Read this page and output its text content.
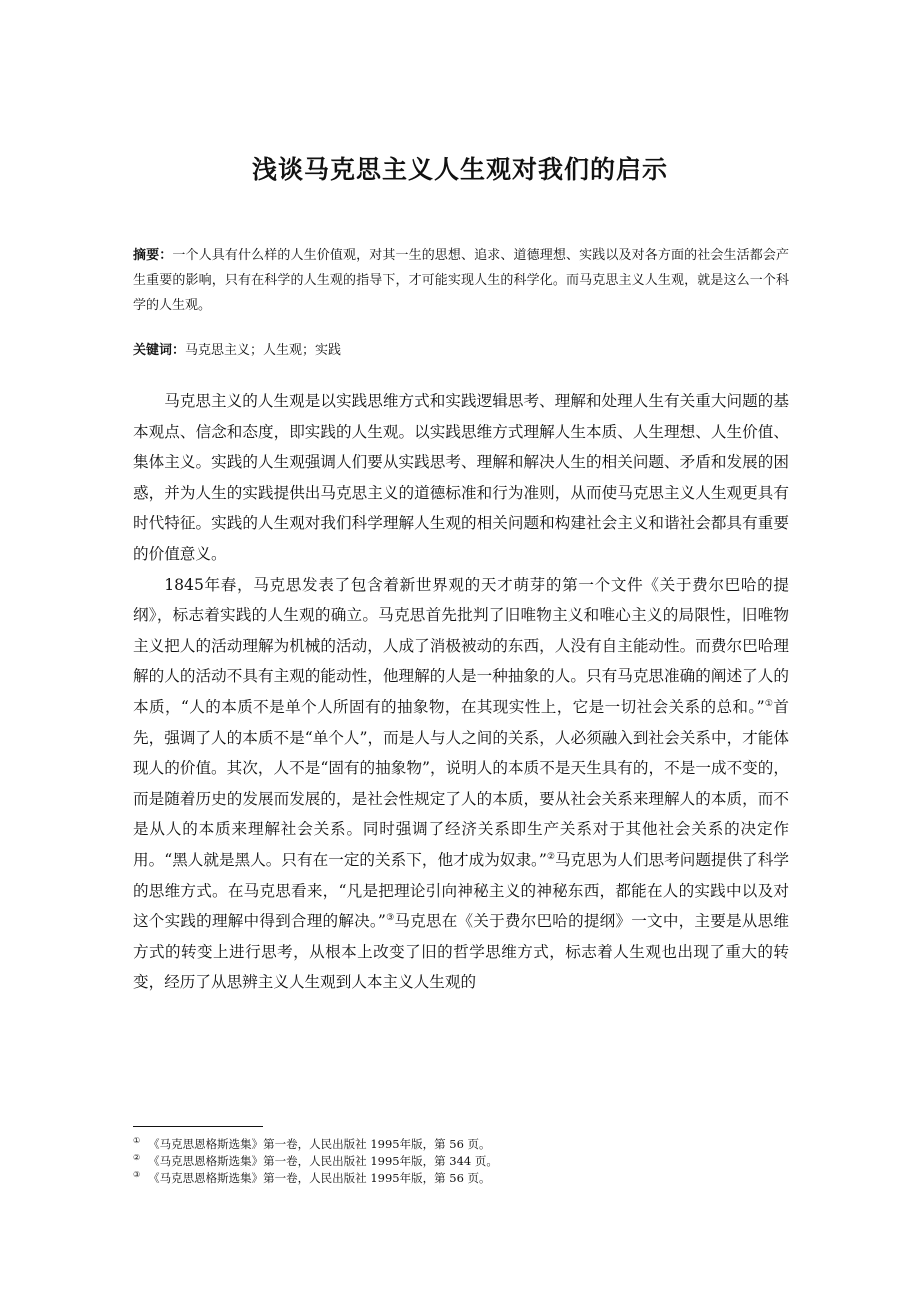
浅谈马克思主义人生观对我们的启示

摘要：一个人具有什么样的人生价值观，对其一生的思想、追求、道德理想、实践以及对各方面的社会生活都会产生重要的影响，只有在科学的人生观的指导下，才可能实现人生的科学化。而马克思主义人生观，就是这么一个科学的人生观。

关键词：马克思主义；人生观；实践

马克思主义的人生观是以实践思维方式和实践逻辑思考、理解和处理人生有关重大问题的基本观点、信念和态度，即实践的人生观。以实践思维方式理解人生本质、人生理想、人生价值、集体主义。实践的人生观强调人们要从实践思考、理解和解决人生的相关问题、矛盾和发展的困惑，并为人生的实践提供出马克思主义的道德标准和行为准则，从而使马克思主义人生观更具有时代特征。实践的人生观对我们科学理解人生观的相关问题和构建社会主义和谐社会都具有重要的价值意义。

1845年春，马克思发表了包含着新世界观的天才萌芽的第一个文件《关于费尔巴哈的提纲》，标志着实践的人生观的确立。马克思首先批判了旧唯物主义和唯心主义的局限性，旧唯物主义把人的活动理解为机械的活动，人成了消极被动的东西，人没有自主能动性。而费尔巴哈理解的人的活动不具有主观的能动性，他理解的人是一种抽象的人。只有马克思准确的阐述了人的本质，“人的本质不是单个人所固有的抽象物，在其现实性上，它是一切社会关系的总和。”①首先，强调了人的本质不是“单个人”，而是人与人之间的关系，人必须融入到社会关系中，才能体现人的价值。其次，人不是“固有的抽象物”，说明人的本质不是天生具有的，不是一成不变的，而是随着历史的发展而发展的，是社会性规定了人的本质，要从社会关系来理解人的本质，而不是从人的本质来理解社会关系。同时强调了经济关系即生产关系对于其他社会关系的决定作用。“黑人就是黑人。只有在一定的关系下，他才成为奴隶。”②马克思为人们思考问题提供了科学的思维方式。在马克思看来，“凡是把理论引向神秘主义的神秘东西，都能在人的实践中以及对这个实践的理解中得到合理的解决。”③马克思在《关于费尔巴哈的提纲》一文中，主要是从思维方式的转变上进行思考，从根本上改变了旧的哲学思维方式，标志着人生观也出现了重大的转变，经历了从思辨主义人生观到人本主义人生观的

① 《马克思恩格斯选集》第一卷，人民出版社 1995年版，第 56 页。
② 《马克思恩格斯选集》第一卷，人民出版社 1995年版，第 344 页。
③ 《马克思恩格斯选集》第一卷，人民出版社 1995年版，第 56 页。
